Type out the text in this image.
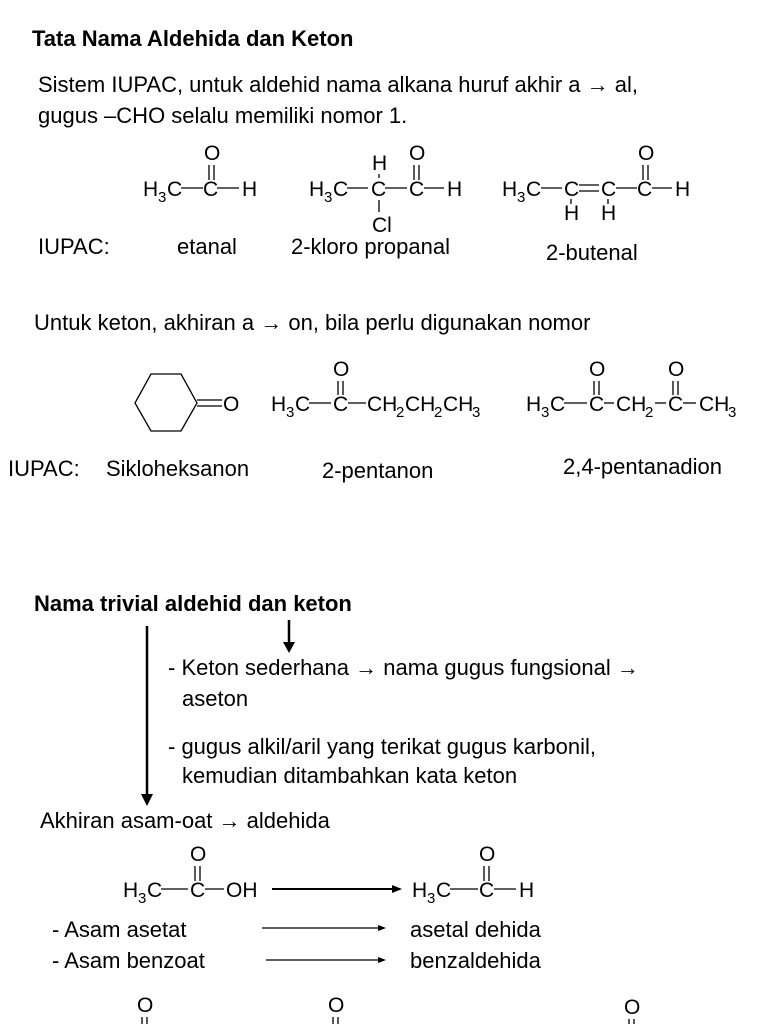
Tata Nama Aldehida dan Keton
Sistem IUPAC, untuk aldehid nama alkana huruf akhir a → al,
gugus –CHO selalu memiliki nomor 1.
H 3 C C H
O
H 3 C C C H
H O
Cl
H 3 C C C C H
O
H H
IUPAC:	etanal 2-kloro propanal	2-butenal
Untuk keton, akhiran a → on, bila perlu digunakan nomor
O H 3 C C CH
2 CH
2 CH
3
O
H 3 C C CH
2 C CH
3
O	O
IUPAC: Sikloheksanon	2-pentanon	2,4-pentanadion
Nama trivial aldehid dan keton
- Keton sederhana → nama gugus fungsional →
aseton
- gugus alkil/aril yang terikat gugus karbonil,
kemudian ditambahkan kata keton
Akhiran asam-oat → aldehida
H 3 C C OH
O
H 3 C C H
O
O	O	O
- Asam asetat	asetal dehida
- Asam benzoat	benzaldehida
